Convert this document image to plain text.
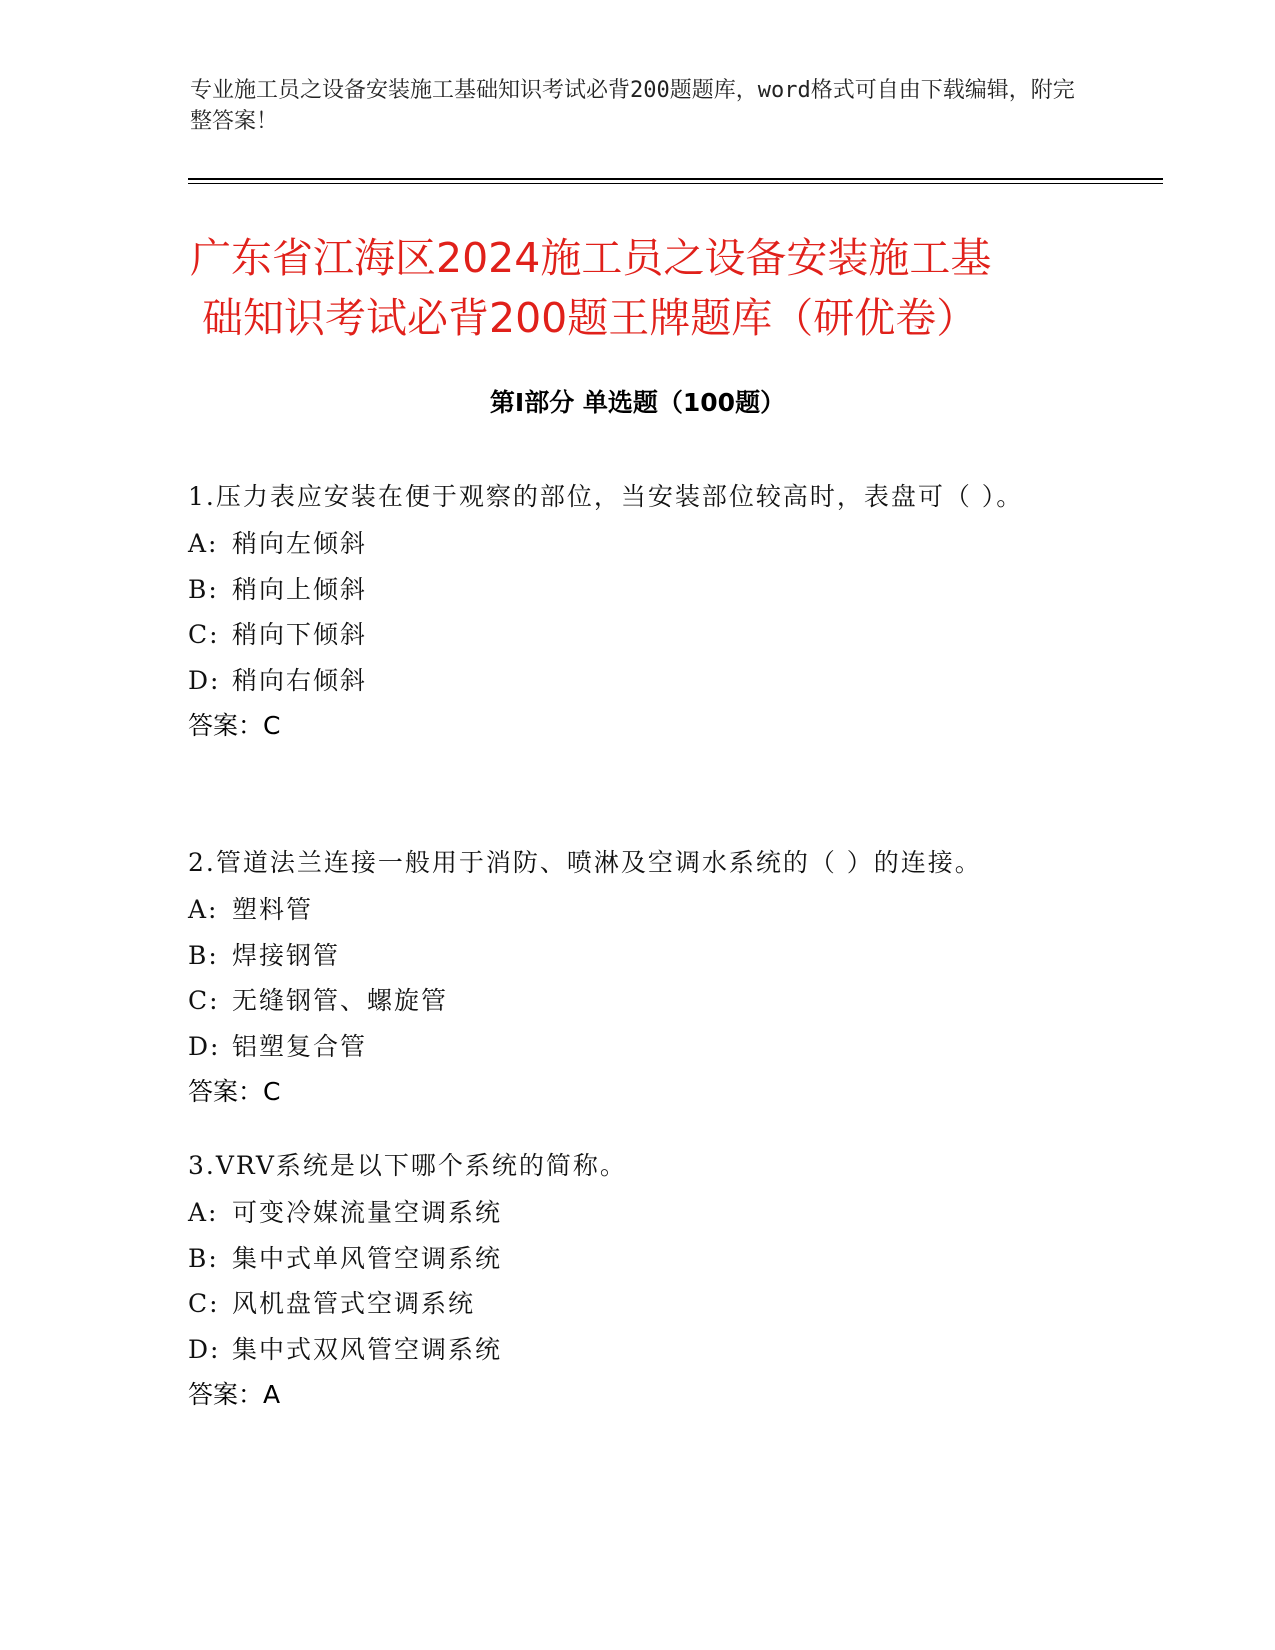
专业施工员之设备安装施工基础知识考试必背200题题库，word格式可自由下载编辑，附完整答案！
广东省江海区2024施工员之设备安装施工基
础知识考试必背200题王牌题库（研优卷）
第Ⅰ部分 单选题（100题）

1.压力表应安装在便于观察的部位，当安装部位较高时，表盘可（ ）。

A: 稍向左倾斜
B: 稍向上倾斜
C: 稍向下倾斜
D: 稍向右倾斜
答案：C

2.管道法兰连接一般用于消防、喷淋及空调水系统的（ ）的连接。

A: 塑料管
B: 焊接钢管
C: 无缝钢管、螺旋管
D: 铝塑复合管
答案：C

3.VRV系统是以下哪个系统的简称。

A: 可变冷媒流量空调系统
B: 集中式单风管空调系统
C: 风机盘管式空调系统
D: 集中式双风管空调系统
答案：A
